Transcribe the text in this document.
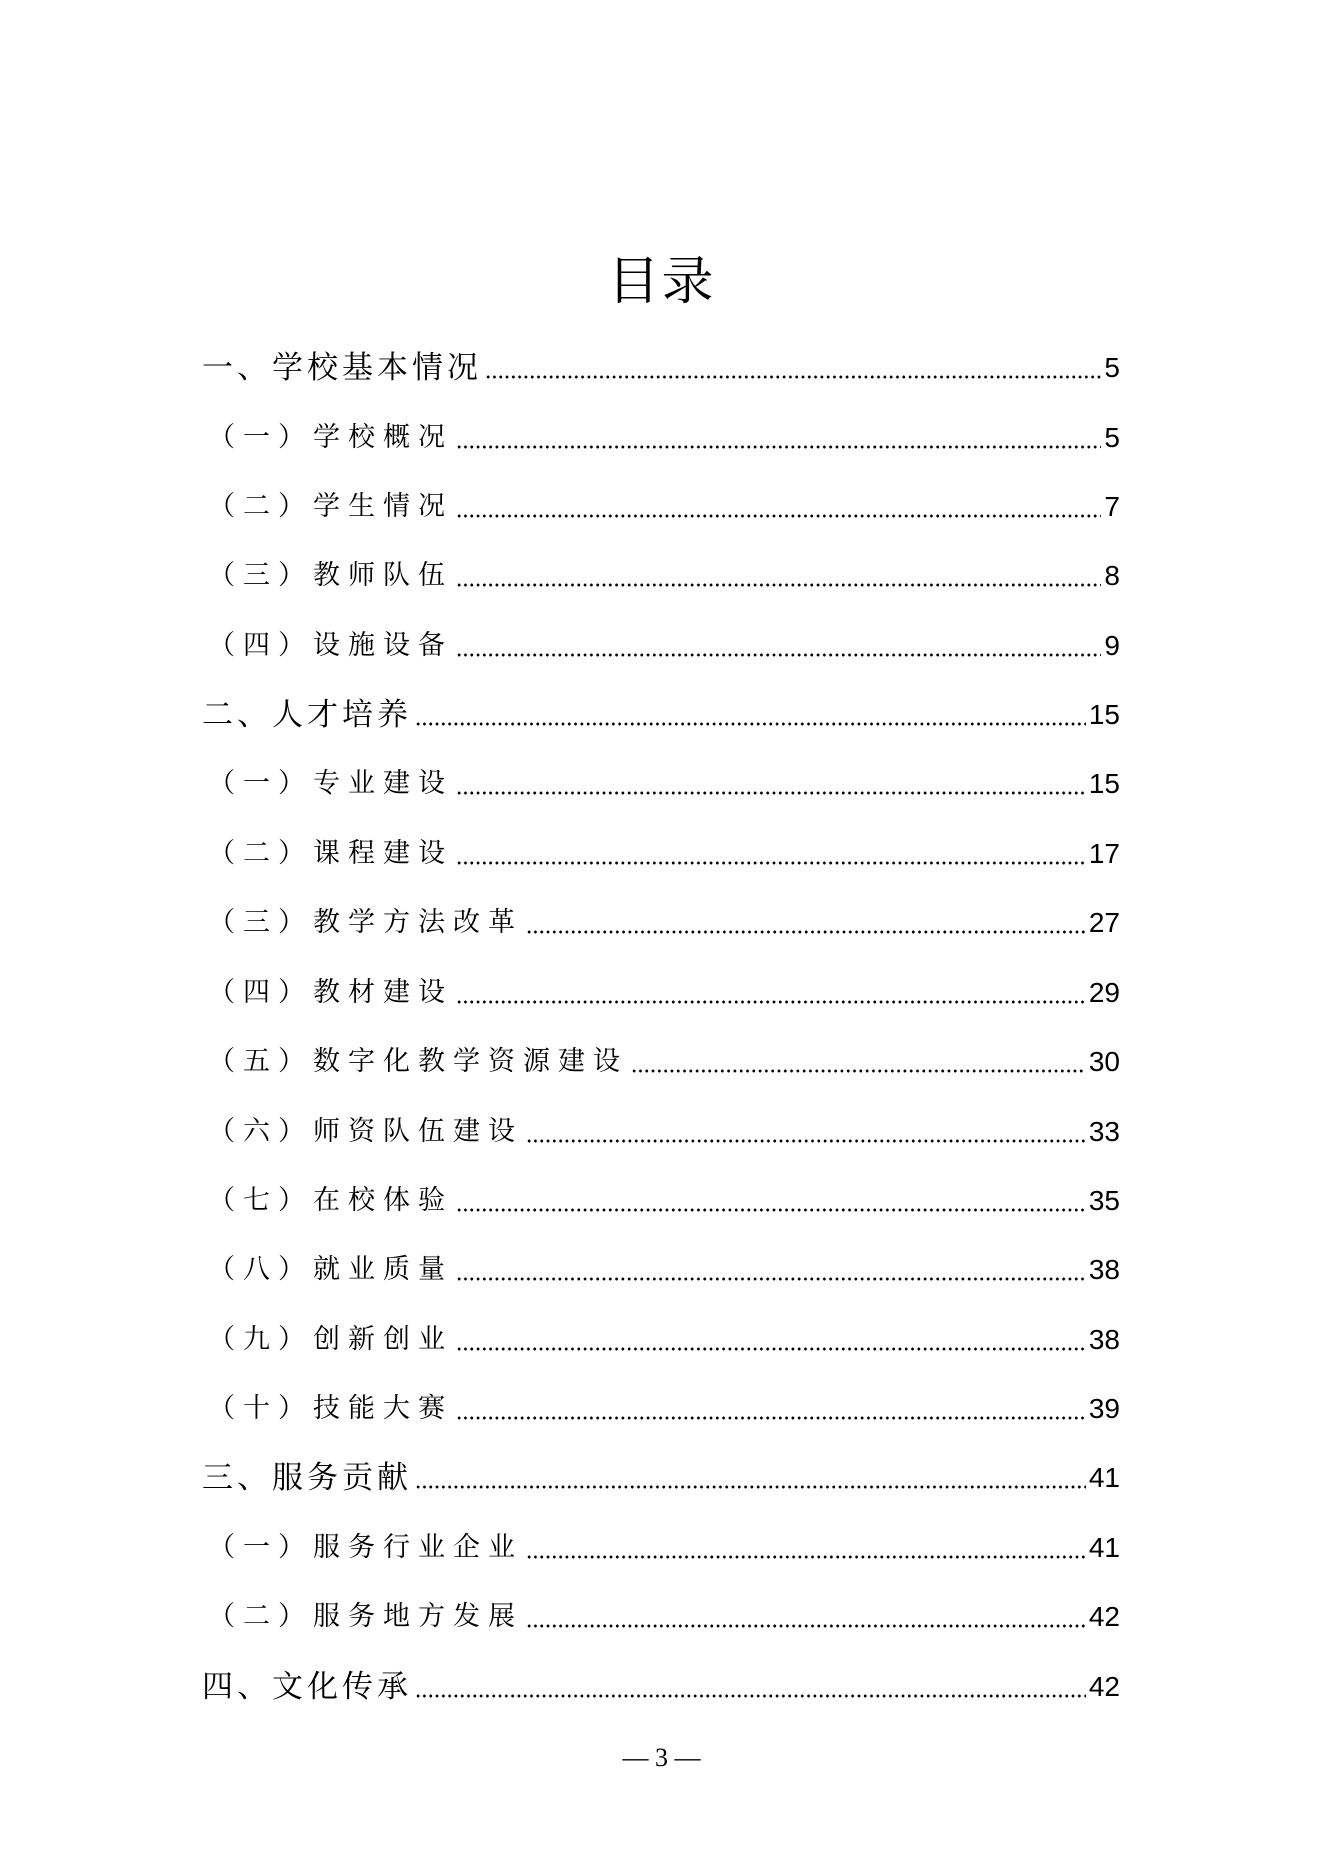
目录
一、学校基本情况	5
（一）学校概况	5
（二）学生情况	7
（三）教师队伍	8
（四）设施设备	9
二、人才培养	15
（一）专业建设	15
（二）课程建设	17
（三）教学方法改革	27
（四）教材建设	29
（五）数字化教学资源建设	30
（六）师资队伍建设	33
（七）在校体验	35
（八）就业质量	38
（九）创新创业	38
（十）技能大赛	39
三、服务贡献	41
（一）服务行业企业	41
（二）服务地方发展	42
四、文化传承	42
— 3 —
